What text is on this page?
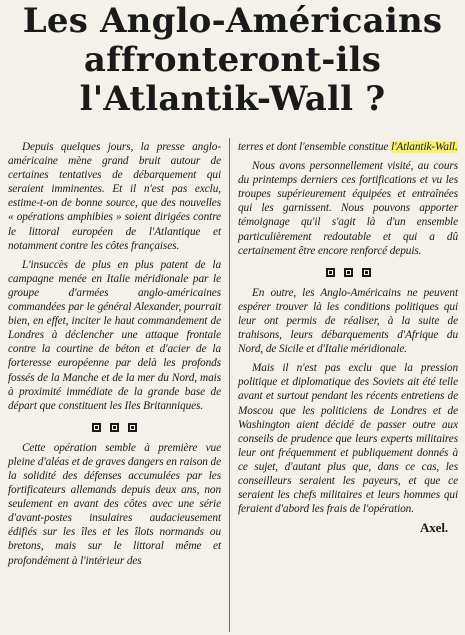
Les Anglo-Américains
affronteront-ils
l'Atlantik-Wall ?

Depuis quelques jours, la presse anglo-américaine mène grand bruit autour de certaines tentatives de débarquement qui seraient imminentes. Et il n'est pas exclu, estime-t-on de bonne source, que des nouvelles « opérations amphibies » soient dirigées contre le littoral européen de l'Atlantique et notamment contre les côtes françaises.

L'insuccès de plus en plus patent de la campagne menée en Italie méridionale par le groupe d'armées anglo-américaines commandées par le général Alexander, pourrait bien, en effet, inciter le haut commandement de Londres à déclencher une attaque frontale contre la courtine de béton et d'acier de la forteresse européenne par delà les profonds fossés de la Manche et de la mer du Nord, mais à proximité immédiate de la grande base de départ que constituent les Iles Britanniques.

Cette opération semble à première vue pleine d'aléas et de graves dangers en raison de la solidité des défenses accumulées par les fortificateurs allemands depuis deux ans, non seulement en avant des côtes avec une série d'avant-postes insulaires audacieusement édifiés sur les îles et les îlots normands ou bretons, mais sur le littoral même et profondément à l'intérieur des

terres et dont l'ensemble constitue l'Atlantik-Wall.

Nous avons personnellement visité, au cours du printemps derniers ces fortifications et vu les troupes supérieurement équipées et entraînées qui les garnissent. Nous pouvons apporter témoignage qu'il s'agit là d'un ensemble particulièrement redoutable et qui a dû certainement être encore renforcé depuis.

En outre, les Anglo-Américains ne peuvent espérer trouver là les conditions politiques qui leur ont permis de réaliser, à la suite de trahisons, leurs débarquements d'Afrique du Nord, de Sicile et d'Italie méridionale.

Mais il n'est pas exclu que la pression politique et diplomatique des Soviets ait été telle avant et surtout pendant les récents entretiens de Moscou que les politiciens de Londres et de Washington aient décidé de passer outre aux conseils de prudence que leurs experts militaires leur ont fréquemment et publiquement donnés à ce sujet, d'autant plus que, dans ce cas, les conseilleurs seraient les payeurs, et que ce seraient les chefs militaires et leurs hommes qui feraient d'abord les frais de l'opération.

Axel.
